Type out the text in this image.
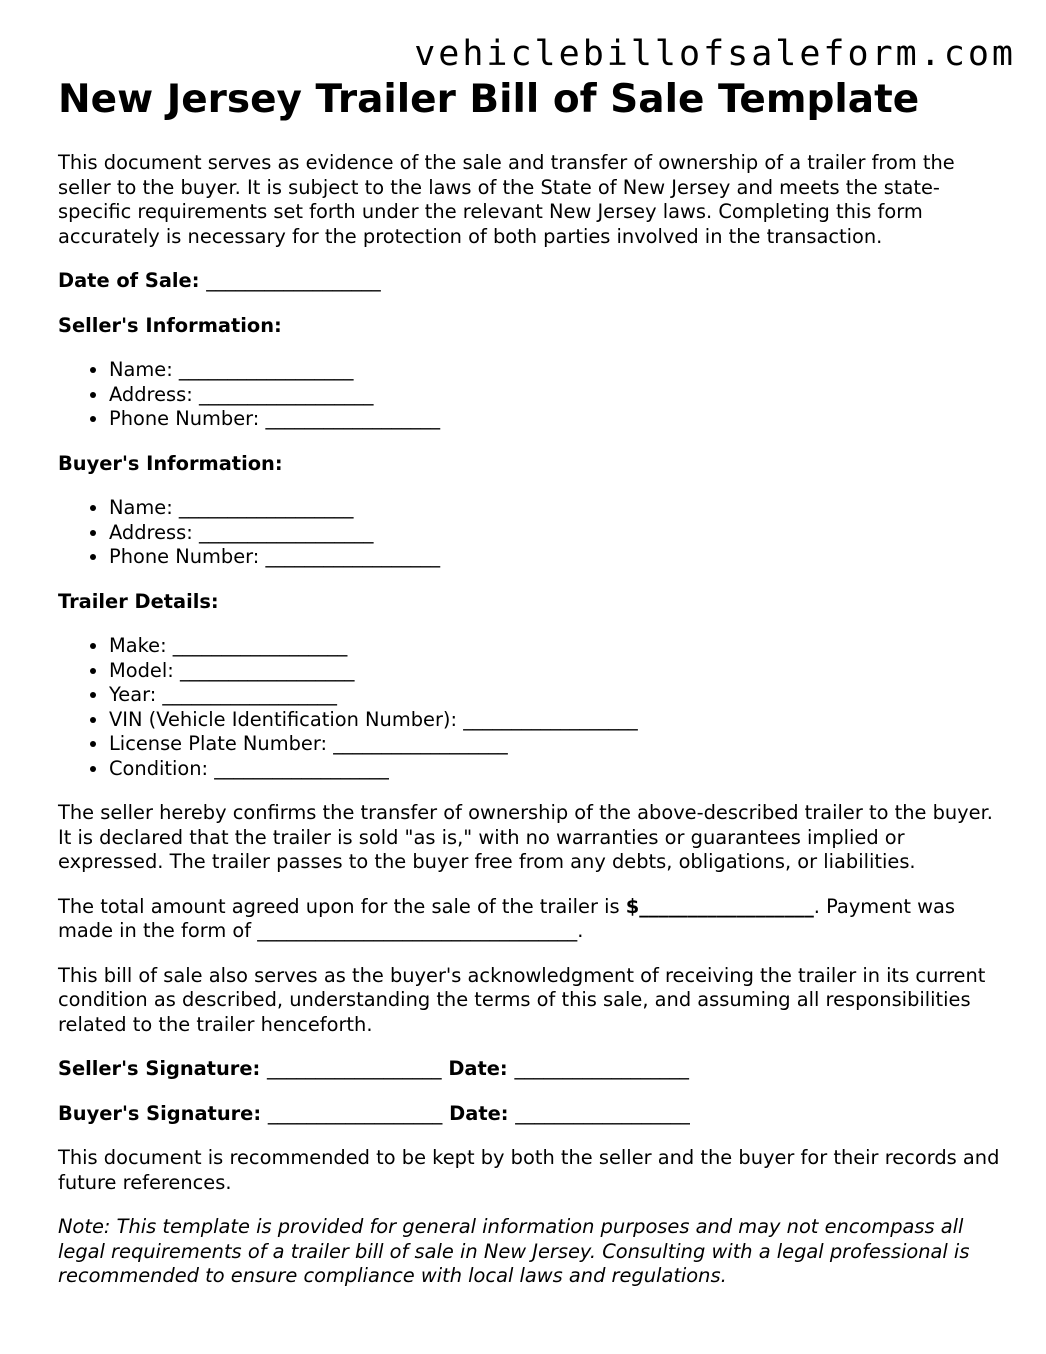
vehiclebillofsaleform.com
New Jersey Trailer Bill of Sale Template

This document serves as evidence of the sale and transfer of ownership of a trailer from the seller to the buyer. It is subject to the laws of the State of New Jersey and meets the state-specific requirements set forth under the relevant New Jersey laws. Completing this form accurately is necessary for the protection of both parties involved in the transaction.

Date of Sale: __________________

Seller's Information:

• Name: __________________
• Address: __________________
• Phone Number: __________________

Buyer's Information:

• Name: __________________
• Address: __________________
• Phone Number: __________________

Trailer Details:

• Make: __________________
• Model: __________________
• Year: __________________
• VIN (Vehicle Identification Number): __________________
• License Plate Number: __________________
• Condition: __________________

The seller hereby confirms the transfer of ownership of the above-described trailer to the buyer. It is declared that the trailer is sold "as is," with no warranties or guarantees implied or expressed. The trailer passes to the buyer free from any debts, obligations, or liabilities.

The total amount agreed upon for the sale of the trailer is $__________________. Payment was made in the form of _________________________________.

This bill of sale also serves as the buyer's acknowledgment of receiving the trailer in its current condition as described, understanding the terms of this sale, and assuming all responsibilities related to the trailer henceforth.

Seller's Signature: __________________ Date: __________________

Buyer's Signature: __________________ Date: __________________

This document is recommended to be kept by both the seller and the buyer for their records and future references.

Note: This template is provided for general information purposes and may not encompass all legal requirements of a trailer bill of sale in New Jersey. Consulting with a legal professional is recommended to ensure compliance with local laws and regulations.
